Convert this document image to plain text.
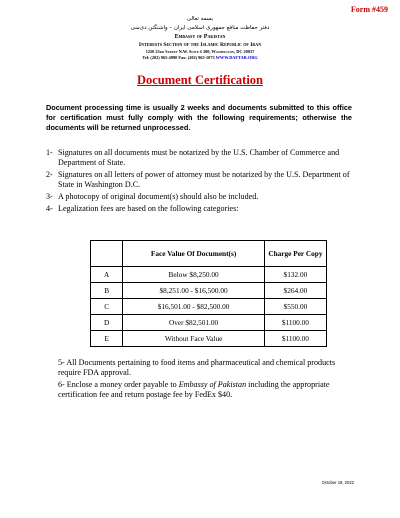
Form #459
بسمه تعالی
دفتر حفاظت منافع جمهوری اسلامی ایران – واشنگتن دی‌سی
Embassy of Pakistan
Interests Section of the Islamic Republic of Iran
1250 23rd Street N.W. Suite # 200, Washington, DC 20037
Tel: (202) 965-4990 Fax: (202) 965-1073 WWW.DAFTAR.ORG
Document Certification
Document processing time is usually 2 weeks and documents submitted to this office for certification must fully comply with the following requirements; otherwise the documents will be returned unprocessed.
1- Signatures on all documents must be notarized by the U.S. Chamber of Commerce and Department of State.
2- Signatures on all letters of power of attorney must be notarized by the U.S. Department of State in Washington D.C.
3- A photocopy of original document(s) should also be included.
4- Legalization fees are based on the following categories:
	Face Value Of Document(s)	Charge Per Copy
A	Below $8,250.00	$132.00
B	$8,251.00 - $16,500.00	$264.00
C	$16,501.00 - $82,500.00	$550.00
D	Over $82,501.00	$1100.00
E	Without Face Value	$1100.00

5- All Documents pertaining to food items and pharmaceutical and chemical products require FDA approval.

6- Enclose a money order payable to Embassy of Pakistan including the appropriate certification fee and return postage fee by FedEx $40.

October 19, 2022
